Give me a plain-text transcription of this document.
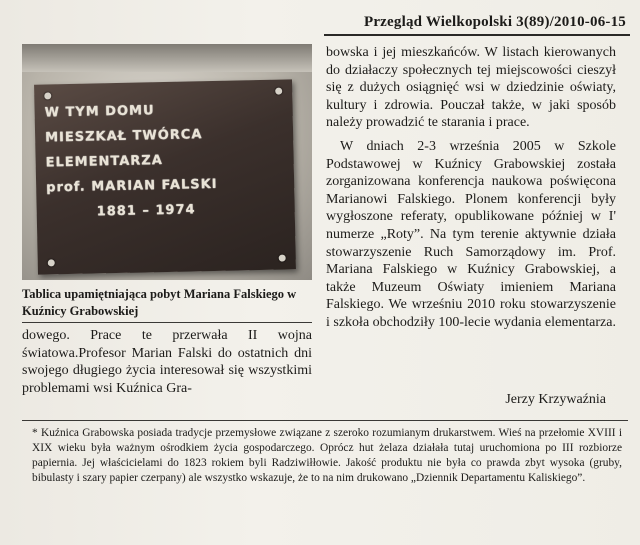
Przegląd Wielkopolski 3(89)/2010-06-15
W TYM DOMU
MIESZKAŁ TWÓRCA
ELEMENTARZA
prof. MARIAN FALSKI
1881 – 1974
Tablica upamiętniająca pobyt Mariana Falskiego w Kuźnicy Grabowskiej

dowego. Prace te przerwała II wojna światowa.Profesor Marian Falski do ostatnich dni swojego długiego życia interesował się wszystkimi problemami wsi Kuźnica Gra-

bowska i jej mieszkańców. W listach kierowanych do działaczy społecznych tej miejscowości cieszył się z dużych osiągnięć wsi w dziedzinie oświaty, kultury i zdrowia. Pouczał także, w jaki sposób należy prowadzić te starania i prace.

W dniach 2-3 września 2005 w Szkole Podstawowej w Kuźnicy Grabowskiej została zorganizowana konferencja naukowa poświęcona Marianowi Falskiego. Plonem konferencji były wygłoszone referaty, opublikowane później w I' numerze „Roty”. Na tym terenie aktywnie działa stowarzyszenie Ruch Samorządowy im. Prof. Mariana Falskiego w Kuźnicy Grabowskiej, a także Muzeum Oświaty imieniem Mariana Falskiego. We wrześniu 2010 roku stowarzyszenie i szkoła obchodziły 100-lecie wydania elementarza.

Jerzy Krzywaźnia
* Kuźnica Grabowska posiada tradycje przemysłowe związane z szeroko rozumianym drukarstwem. Wieś na przełomie XVIII i XIX wieku była ważnym ośrodkiem życia gospodarczego. Oprócz hut żelaza działała tutaj uruchomiona po III rozbiorze papiernia. Jej właścicielami do 1823 rokiem byli Radziwiłłowie. Jakość produktu nie była co prawda zbyt wysoka (gruby, bibulasty i szary papier czerpany) ale wszystko wskazuje, że to na nim drukowano „Dziennik Departamentu Kaliskiego”.
